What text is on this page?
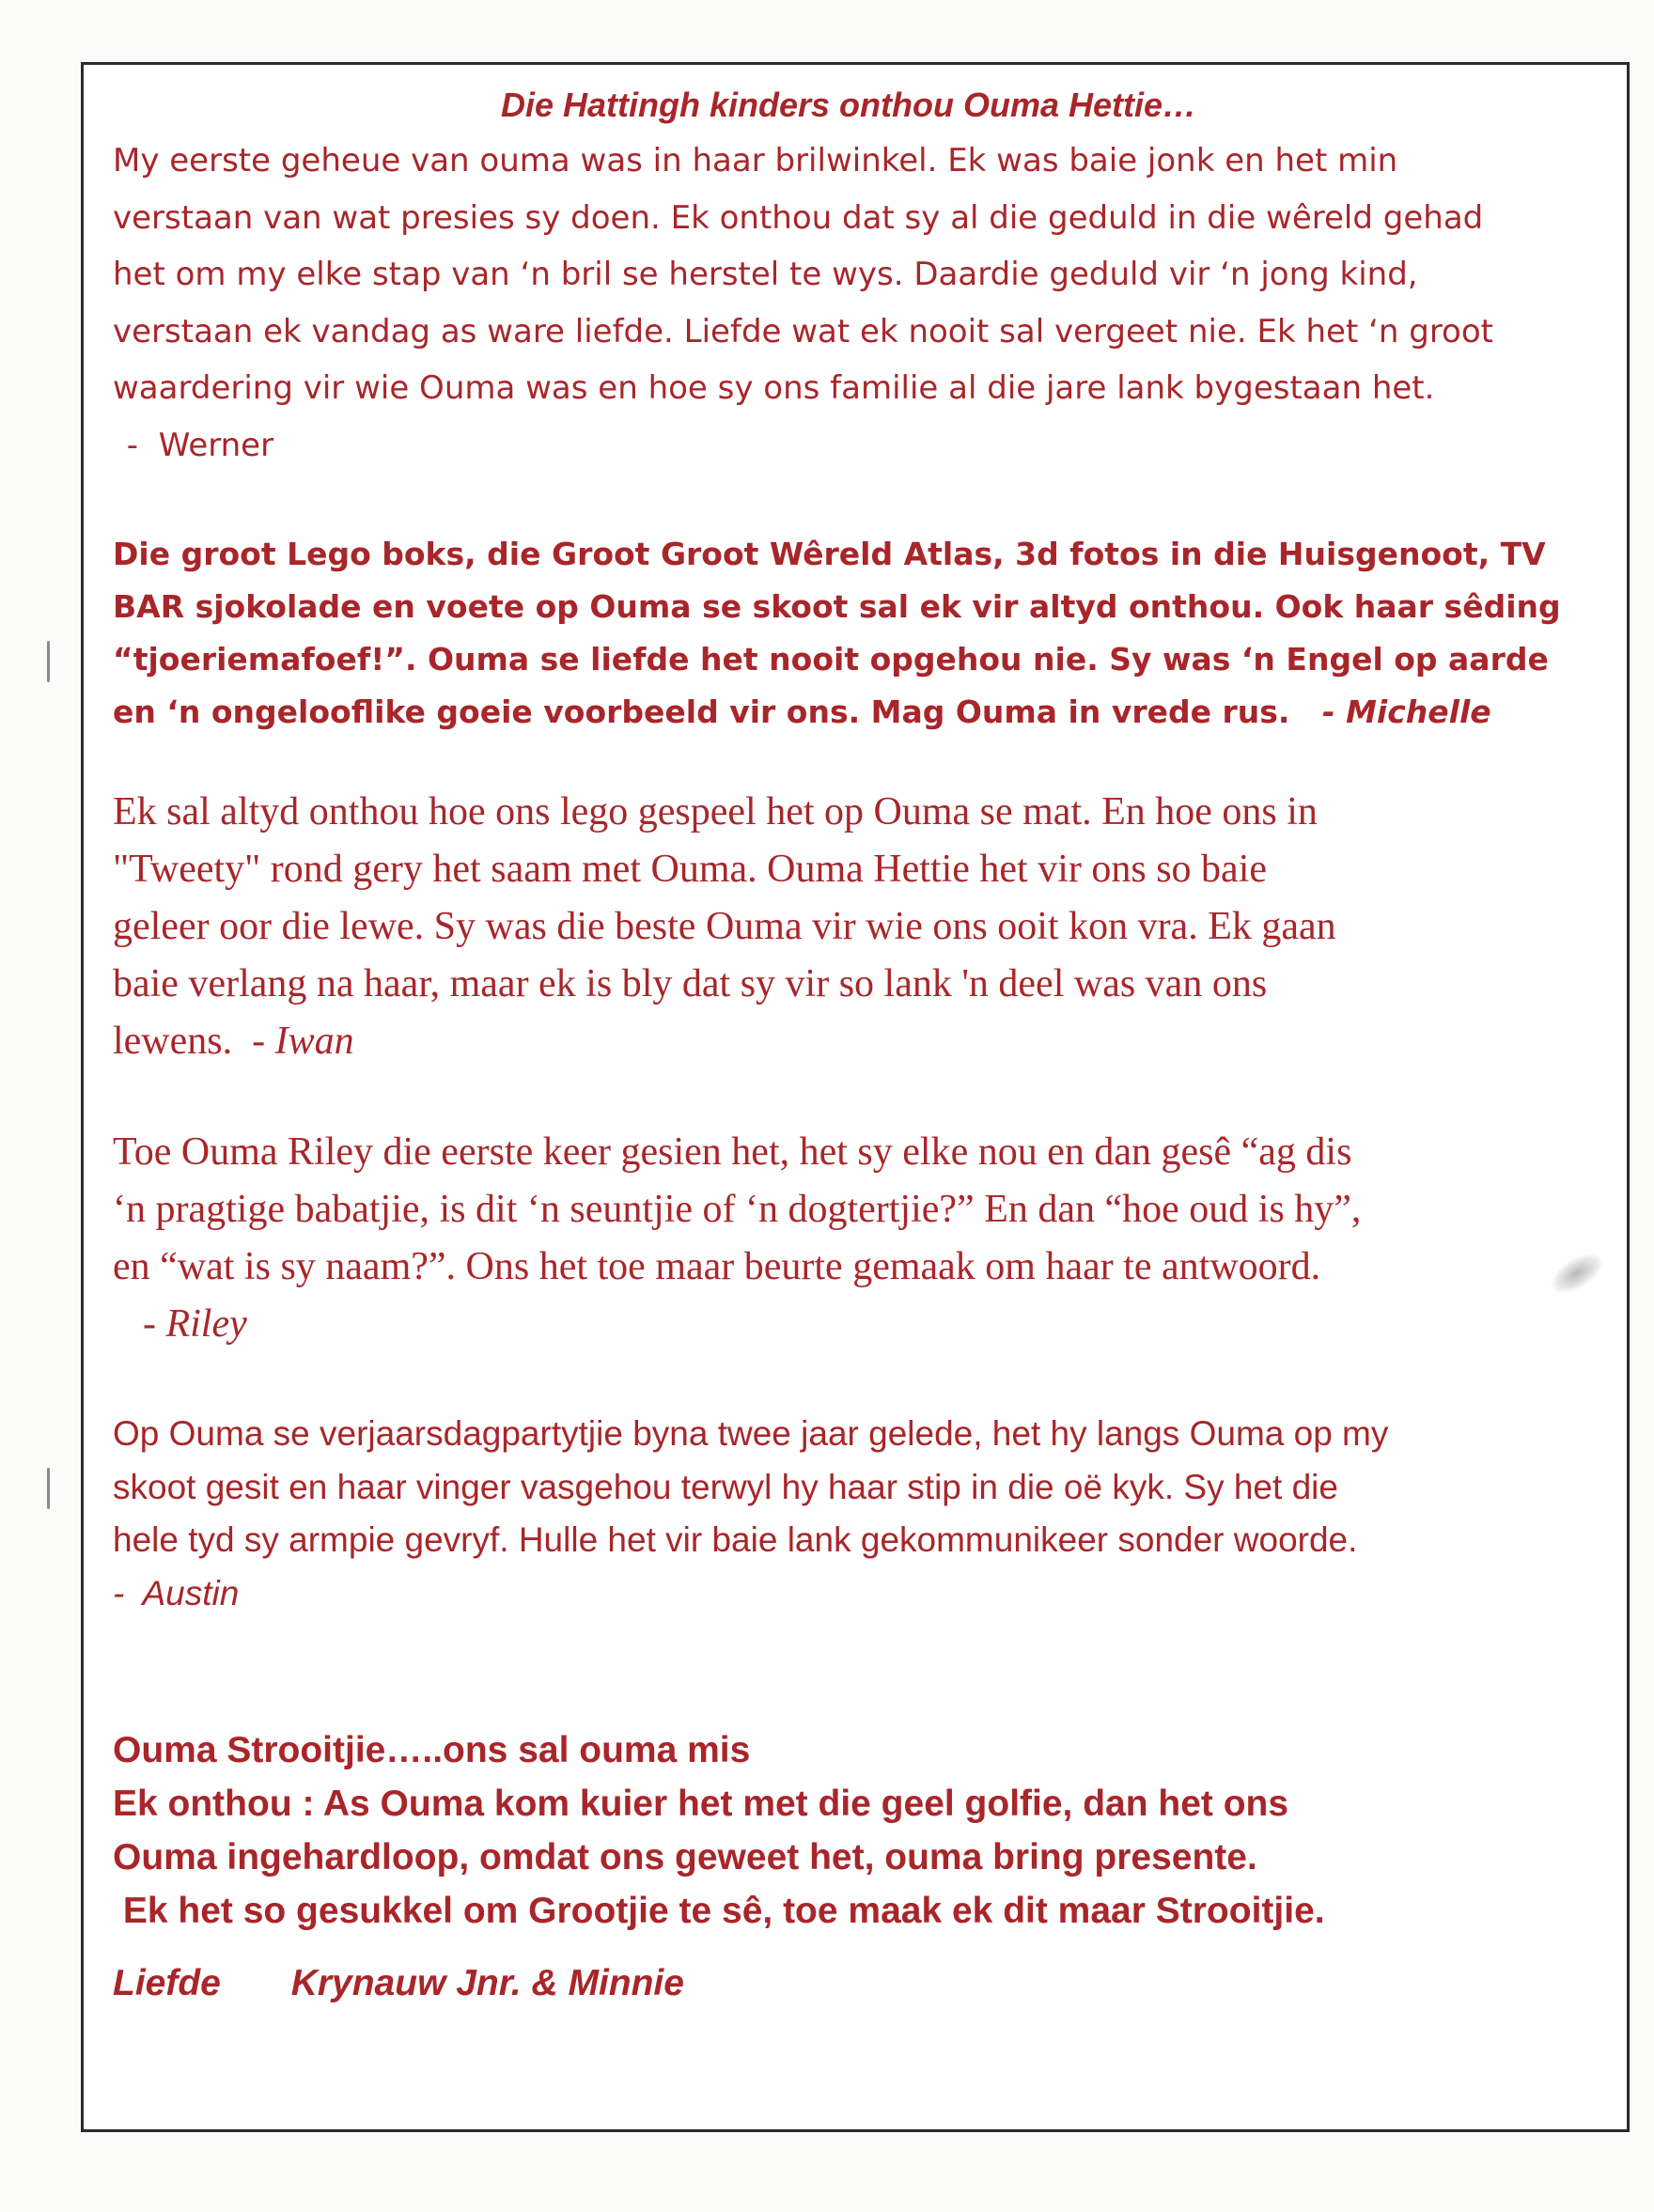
Die Hattingh kinders onthou Ouma Hettie…

My eerste geheue van ouma was in haar brilwinkel. Ek was baie jonk en het min

verstaan van wat presies sy doen. Ek onthou dat sy al die geduld in die wêreld gehad

het om my elke stap van ‘n bril se herstel te wys. Daardie geduld vir ‘n jong kind,

verstaan ek vandag as ware liefde. Liefde wat ek nooit sal vergeet nie. Ek het ‘n groot

waardering vir wie Ouma was en hoe sy ons familie al die jare lank bygestaan het.

-  Werner

Die groot Lego boks, die Groot Groot Wêreld Atlas, 3d fotos in die Huisgenoot, TV

BAR sjokolade en voete op Ouma se skoot sal ek vir altyd onthou. Ook haar sêding

“tjoeriemafoef!”. Ouma se liefde het nooit opgehou nie. Sy was ‘n Engel op aarde

en ‘n ongelooflike goeie voorbeeld vir ons. Mag Ouma in vrede rus.   - Michelle

Ek sal altyd onthou hoe ons lego gespeel het op Ouma se mat. En hoe ons in

"Tweety" rond gery het saam met Ouma. Ouma Hettie het vir ons so baie

geleer oor die lewe. Sy was die beste Ouma vir wie ons ooit kon vra. Ek gaan

baie verlang na haar, maar ek is bly dat sy vir so lank 'n deel was van ons

lewens.  - Iwan

Toe Ouma Riley die eerste keer gesien het, het sy elke nou en dan gesê “ag dis

‘n pragtige babatjie, is dit ‘n seuntjie of ‘n dogtertjie?” En dan “hoe oud is hy”,

en “wat is sy naam?”. Ons het toe maar beurte gemaak om haar te antwoord.

- Riley

Op Ouma se verjaarsdagpartytjie byna twee jaar gelede, het hy langs Ouma op my

skoot gesit en haar vinger vasgehou terwyl hy haar stip in die oë kyk. Sy het die

hele tyd sy armpie gevryf. Hulle het vir baie lank gekommunikeer sonder woorde.

-  Austin

Ouma Strooitjie…..ons sal ouma mis

Ek onthou : As Ouma kom kuier het met die geel golfie, dan het ons

Ouma ingehardloop, omdat ons geweet het, ouma bring presente.

Ek het so gesukkel om Grootjie te sê, toe maak ek dit maar Strooitjie.

Liefde Krynauw Jnr. & Minnie
